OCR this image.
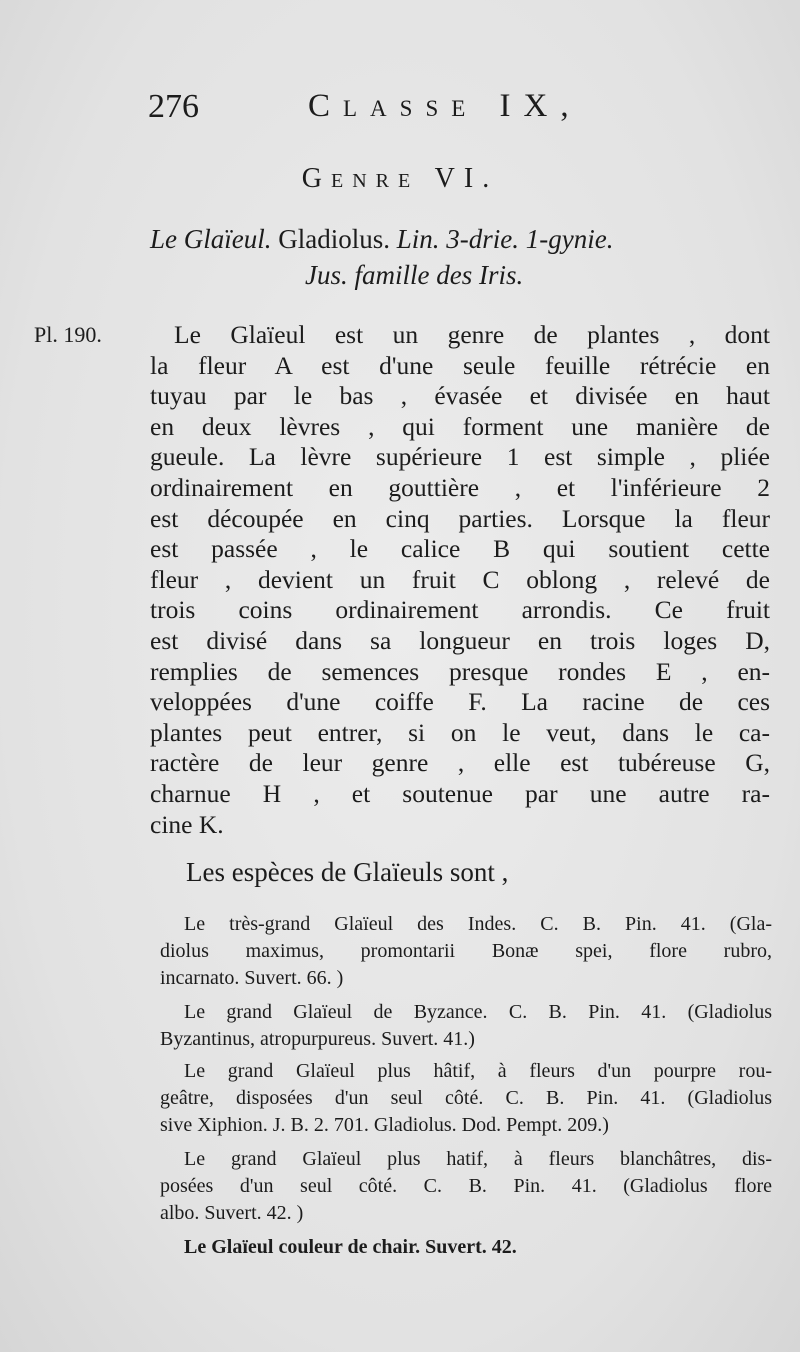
276	Classe IX,
Genre VI.
Le Glaïeul. Gladiolus. Lin. 3-drie. 1-gynie.
Jus. famille des Iris.
Pl. 190.	Le Glaïeul est un genre de plantes , dont
la fleur A est d'une seule feuille rétrécie en
tuyau par le bas , évasée et divisée en haut
en deux lèvres , qui forment une manière de
gueule. La lèvre supérieure 1 est simple , pliée
ordinairement en gouttière , et l'inférieure 2
est découpée en cinq parties. Lorsque la fleur
est passée , le calice B qui soutient cette
fleur , devient un fruit C oblong , relevé de
trois coins ordinairement arrondis. Ce fruit
est divisé dans sa longueur en trois loges D,
remplies de semences presque rondes E , en-
veloppées d'une coiffe F. La racine de ces
plantes peut entrer, si on le veut, dans le ca-
ractère de leur genre , elle est tubéreuse G,
charnue H , et soutenue par une autre ra-
cine K.
Les espèces de Glaïeuls sont ,
Le très-grand Glaïeul des Indes. C. B. Pin. 41. (Gla-
diolus maximus, promontarii Bonæ spei, flore rubro,
incarnato. Suvert. 66. )
Le grand Glaïeul de Byzance. C. B. Pin. 41. (Gladiolus
Byzantinus, atropurpureus. Suvert. 41.)
Le grand Glaïeul plus hâtif, à fleurs d'un pourpre rou-
geâtre, disposées d'un seul côté. C. B. Pin. 41. (Gladiolus
sive Xiphion. J. B. 2. 701. Gladiolus. Dod. Pempt. 209.)
Le grand Glaïeul plus hatif, à fleurs blanchâtres, dis-
posées d'un seul côté. C. B. Pin. 41. (Gladiolus flore
albo. Suvert. 42. )
Le Glaïeul couleur de chair. Suvert. 42.
